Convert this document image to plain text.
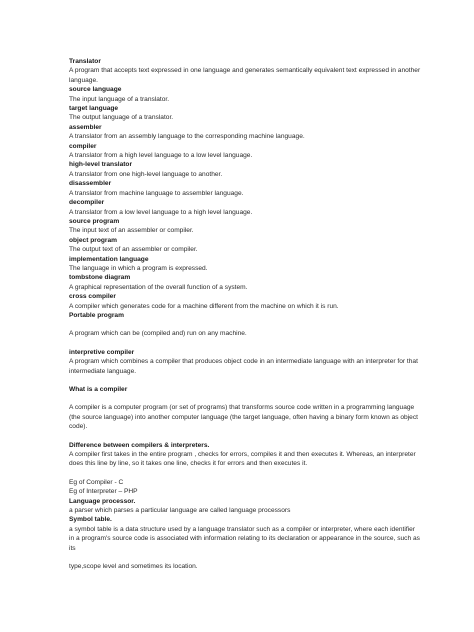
Translator

A program that accepts text expressed in one language and generates semantically equivalent text expressed in another language.

source language

The input language of a translator.

target language

The output language of a translator.

assembler

A translator from an assembly language to the corresponding machine language.

compiler

A translator from a high level language to a low level language.

high-level translator

A translator from one high-level language to another.

disassembler

A translator from machine language to assembler language.

decompiler

A translator from a low level language to a high level language.

source program

The input text of an assembler or compiler.

object program

The output text of an assembler or compiler.

implementation language

The language in which a program is expressed.

tombstone diagram

A graphical representation of the overall function of a system.

cross compiler

A compiler which generates code for a machine different from the machine on which it is run.

Portable program

A program which can be (compiled and) run on any machine.

interpretive compiler

A program which combines a compiler that produces object code in an intermediate language with an interpreter for that intermediate language.

What is a compiler

A compiler is a computer program (or set of programs) that transforms source code written in a programming language (the source language) into another computer language (the target language, often having a binary form known as object code).

Difference between compilers & interpreters.

A compiler first takes in the entire program , checks for errors, compiles it and then executes it. Whereas, an interpreter does this line by line, so it takes one line, checks it for errors and then executes it.

Eg of Compiler - C

Eg of Interpreter – PHP

Language processor.

a parser which parses a particular language are called language processors

Symbol table.

a symbol table is a data structure used by a language translator such as a compiler or interpreter, where each identifier in a program's source code is associated with information relating to its declaration or appearance in the source, such as its

type,scope level and sometimes its location.
